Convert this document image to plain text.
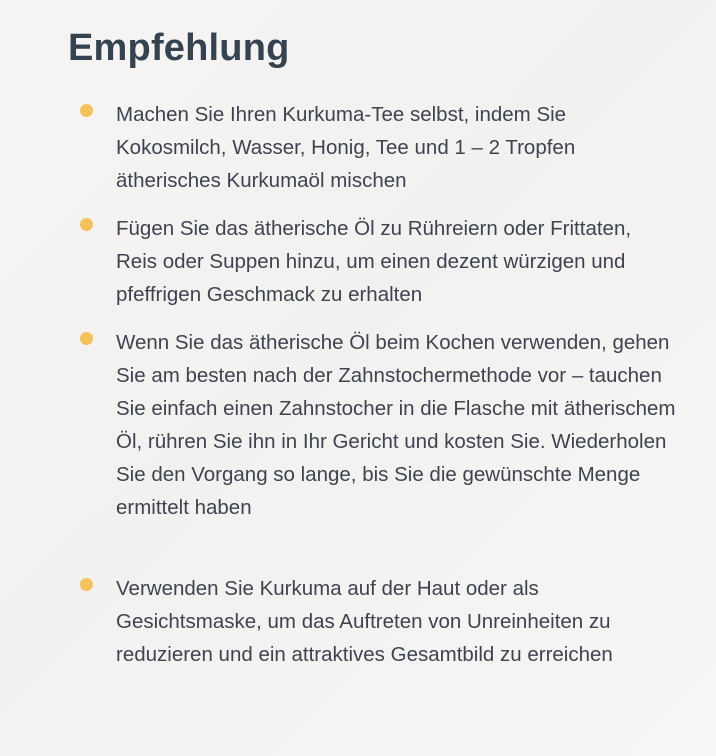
Empfehlung
Machen Sie Ihren Kurkuma-Tee selbst, indem Sie Kokosmilch, Wasser, Honig, Tee und 1 – 2 Tropfen ätherisches Kurkumaöl mischen
Fügen Sie das ätherische Öl zu Rühreiern oder Frittaten, Reis oder Suppen hinzu, um einen dezent würzigen und pfeffrigen Geschmack zu erhalten
Wenn Sie das ätherische Öl beim Kochen verwenden, gehen Sie am besten nach der Zahnstochermethode vor – tauchen Sie einfach einen Zahnstocher in die Flasche mit ätherischem Öl, rühren Sie ihn in Ihr Gericht und kosten Sie. Wiederholen Sie den Vorgang so lange, bis Sie die gewünschte Menge ermittelt haben
Verwenden Sie Kurkuma auf der Haut oder als Gesichtsmaske, um das Auftreten von Unreinheiten zu reduzieren und ein attraktives Gesamtbild zu erreichen
